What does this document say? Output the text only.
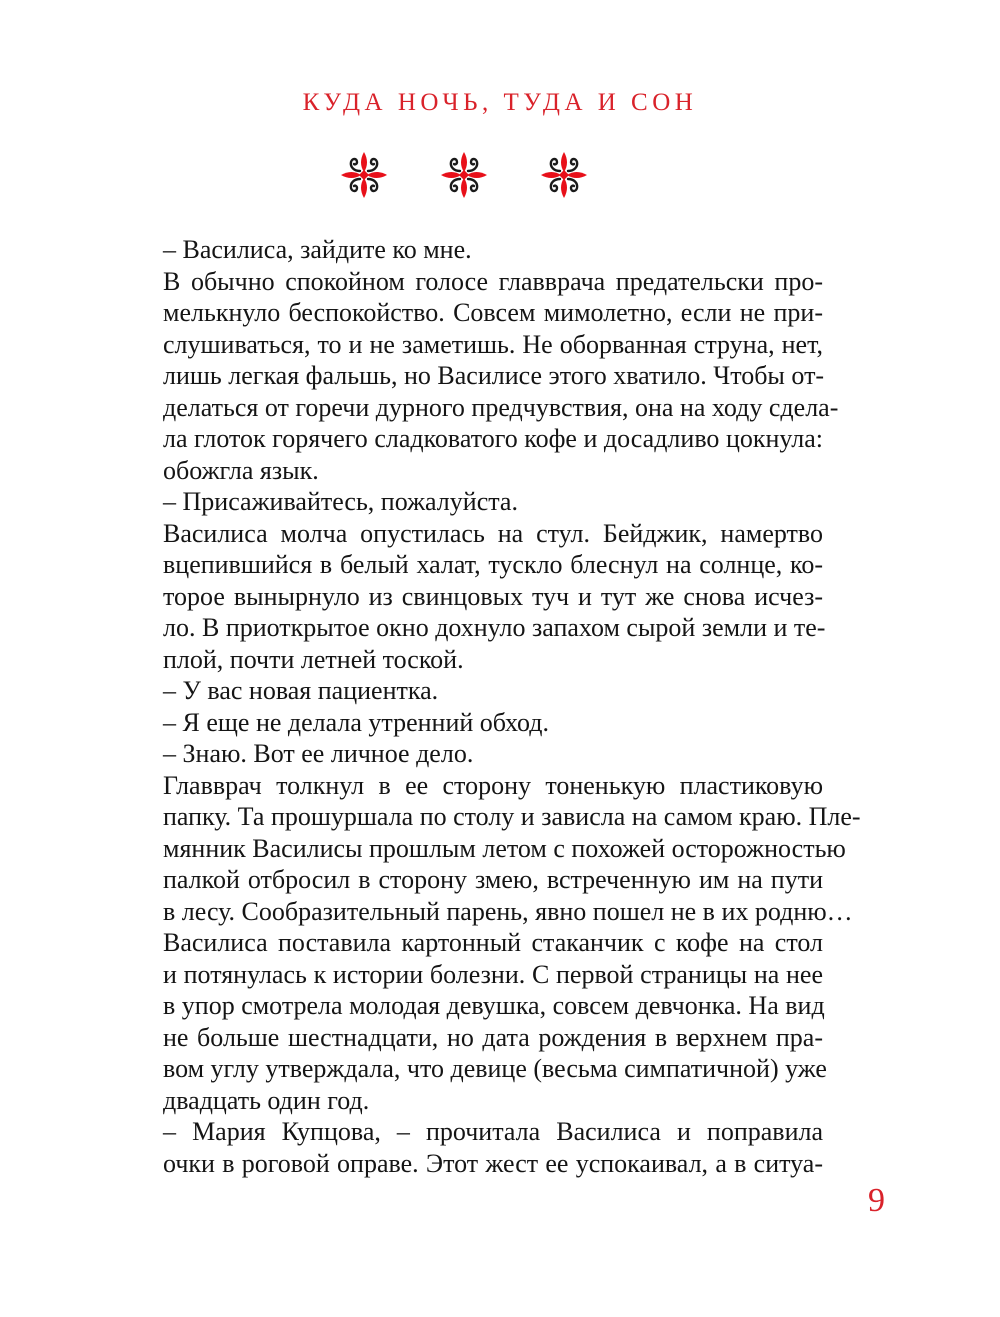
КУДА НОЧЬ, ТУДА И СОН
– Василиса, зайдите ко мне.
В обычно спокойном голосе главврача предательски про-
мелькнуло беспокойство. Совсем мимолетно, если не при-
слушиваться, то и не заметишь. Не оборванная струна, нет,
лишь легкая фальшь, но Василисе этого хватило. Чтобы от-
делаться от горечи дурного предчувствия, она на ходу сдела-
ла глоток горячего сладковатого кофе и досадливо цокнула:
обожгла язык.
– Присаживайтесь, пожалуйста.
Василиса молча опустилась на стул. Бейджик, намертво
вцепившийся в белый халат, тускло блеснул на солнце, ко-
торое вынырнуло из свинцовых туч и тут же снова исчез-
ло. В приоткрытое окно дохнуло запахом сырой земли и те-
плой, почти летней тоской.
– У вас новая пациентка.
– Я еще не делала утренний обход.
– Знаю. Вот ее личное дело.
Главврач толкнул в ее сторону тоненькую пластиковую
папку. Та прошуршала по столу и зависла на самом краю. Пле-
мянник Василисы прошлым летом с похожей осторожностью
палкой отбросил в сторону змею, встреченную им на пути
в лесу. Сообразительный парень, явно пошел не в их родню…
Василиса поставила картонный стаканчик с кофе на стол
и потянулась к истории болезни. С первой страницы на нее
в упор смотрела молодая девушка, совсем девчонка. На вид
не больше шестнадцати, но дата рождения в верхнем пра-
вом углу утверждала, что девице (весьма симпатичной) уже
двадцать один год.
– Мария Купцова, – прочитала Василиса и поправила
очки в роговой оправе. Этот жест ее успокаивал, а в ситуа-
9
